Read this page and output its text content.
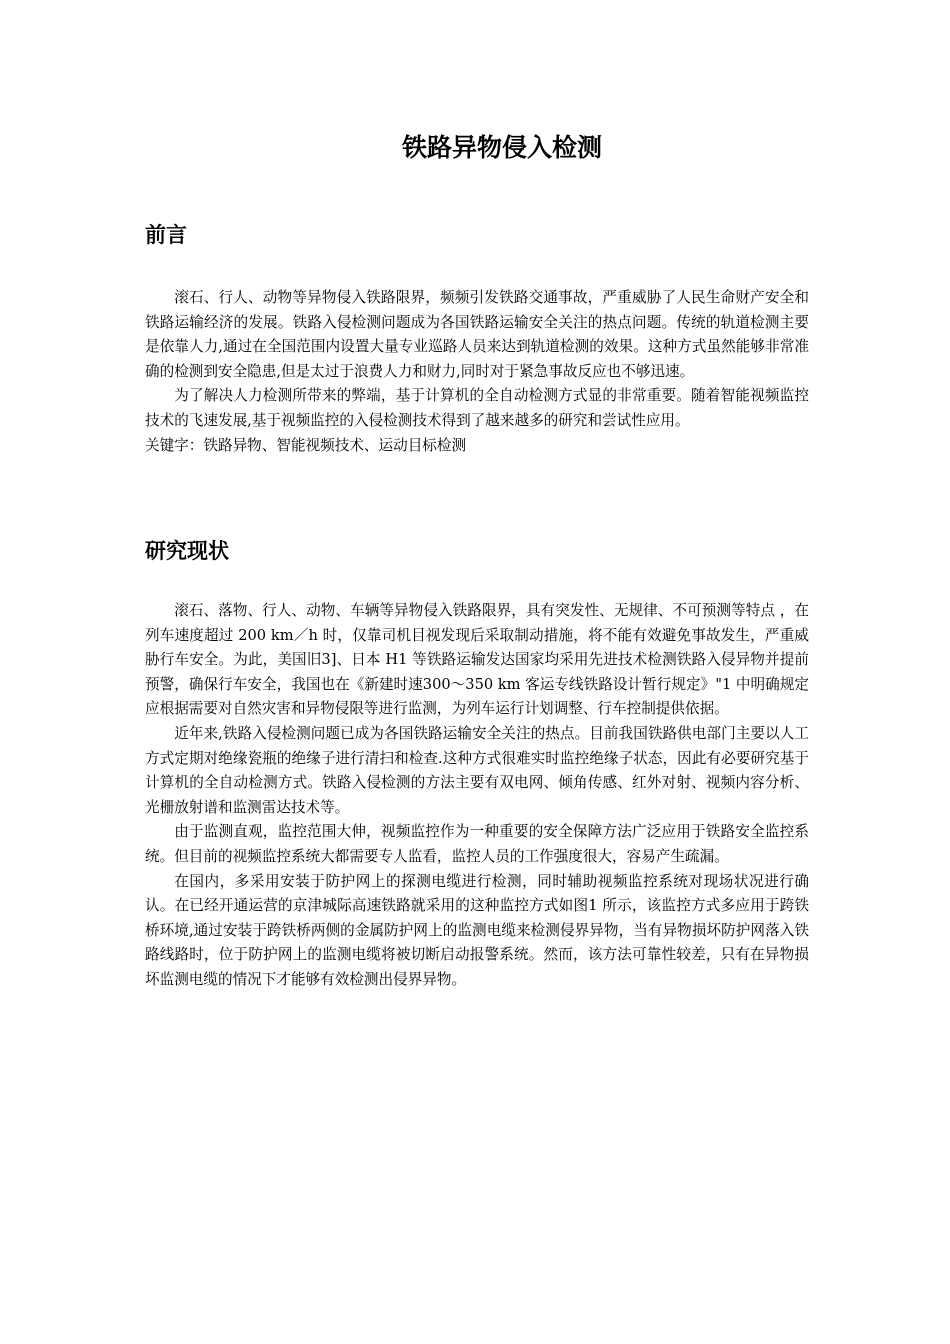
铁路异物侵入检测
前言

滚石、行人、动物等异物侵入铁路限界，频频引发铁路交通事故，严重威胁了人民生命财产安全和铁路运输经济的发展。铁路入侵检测问题成为各国铁路运输安全关注的热点问题。传统的轨道检测主要是依靠人力,通过在全国范围内设置大量专业巡路人员来达到轨道检测的效果。这种方式虽然能够非常准确的检测到安全隐患,但是太过于浪费人力和财力,同时对于紧急事故反应也不够迅速。

为了解决人力检测所带来的弊端，基于计算机的全自动检测方式显的非常重要。随着智能视频监控技术的飞速发展,基于视频监控的入侵检测技术得到了越来越多的研究和尝试性应用。

关键字：铁路异物、智能视频技术、运动目标检测

研究现状

滚石、落物、行人、动物、车辆等异物侵入铁路限界，具有突发性、无规律、不可预测等特点 ，在列车速度超过 200 km／h 时，仅靠司机目视发现后采取制动措施，将不能有效避免事故发生，严重威胁行车安全。为此，美国旧3]、日本 H1 等铁路运输发达国家均采用先进技术检测铁路入侵异物并提前预警，确保行车安全，我国也在《新建时速300～350 km 客运专线铁路设计暂行规定》"1 中明确规定应根据需要对自然灾害和异物侵限等进行监测，为列车运行计划调整、行车控制提供依据。

近年来,铁路入侵检测问题已成为各国铁路运输安全关注的热点。目前我国铁路供电部门主要以人工方式定期对绝缘瓷瓶的绝缘子进行清扫和检查.这种方式很难实时监控绝缘子状态，因此有必要研究基于计算机的全自动检测方式。铁路入侵检测的方法主要有双电网、倾角传感、红外对射、视频内容分析、光栅放射谱和监测雷达技术等。

由于监测直观，监控范围大伸，视频监控作为一种重要的安全保障方法广泛应用于铁路安全监控系统。但目前的视频监控系统大都需要专人监看，监控人员的工作强度很大，容易产生疏漏。

在国内，多采用安装于防护网上的探测电缆进行检测，同时辅助视频监控系统对现场状况进行确认。在已经开通运营的京津城际高速铁路就采用的这种监控方式如图1 所示，该监控方式多应用于跨铁桥环境,通过安装于跨铁桥两侧的金属防护网上的监测电缆来检测侵界异物，当有异物损坏防护网落入铁路线路时，位于防护网上的监测电缆将被切断启动报警系统。然而，该方法可靠性较差，只有在异物损坏监测电缆的情况下才能够有效检测出侵界异物。
